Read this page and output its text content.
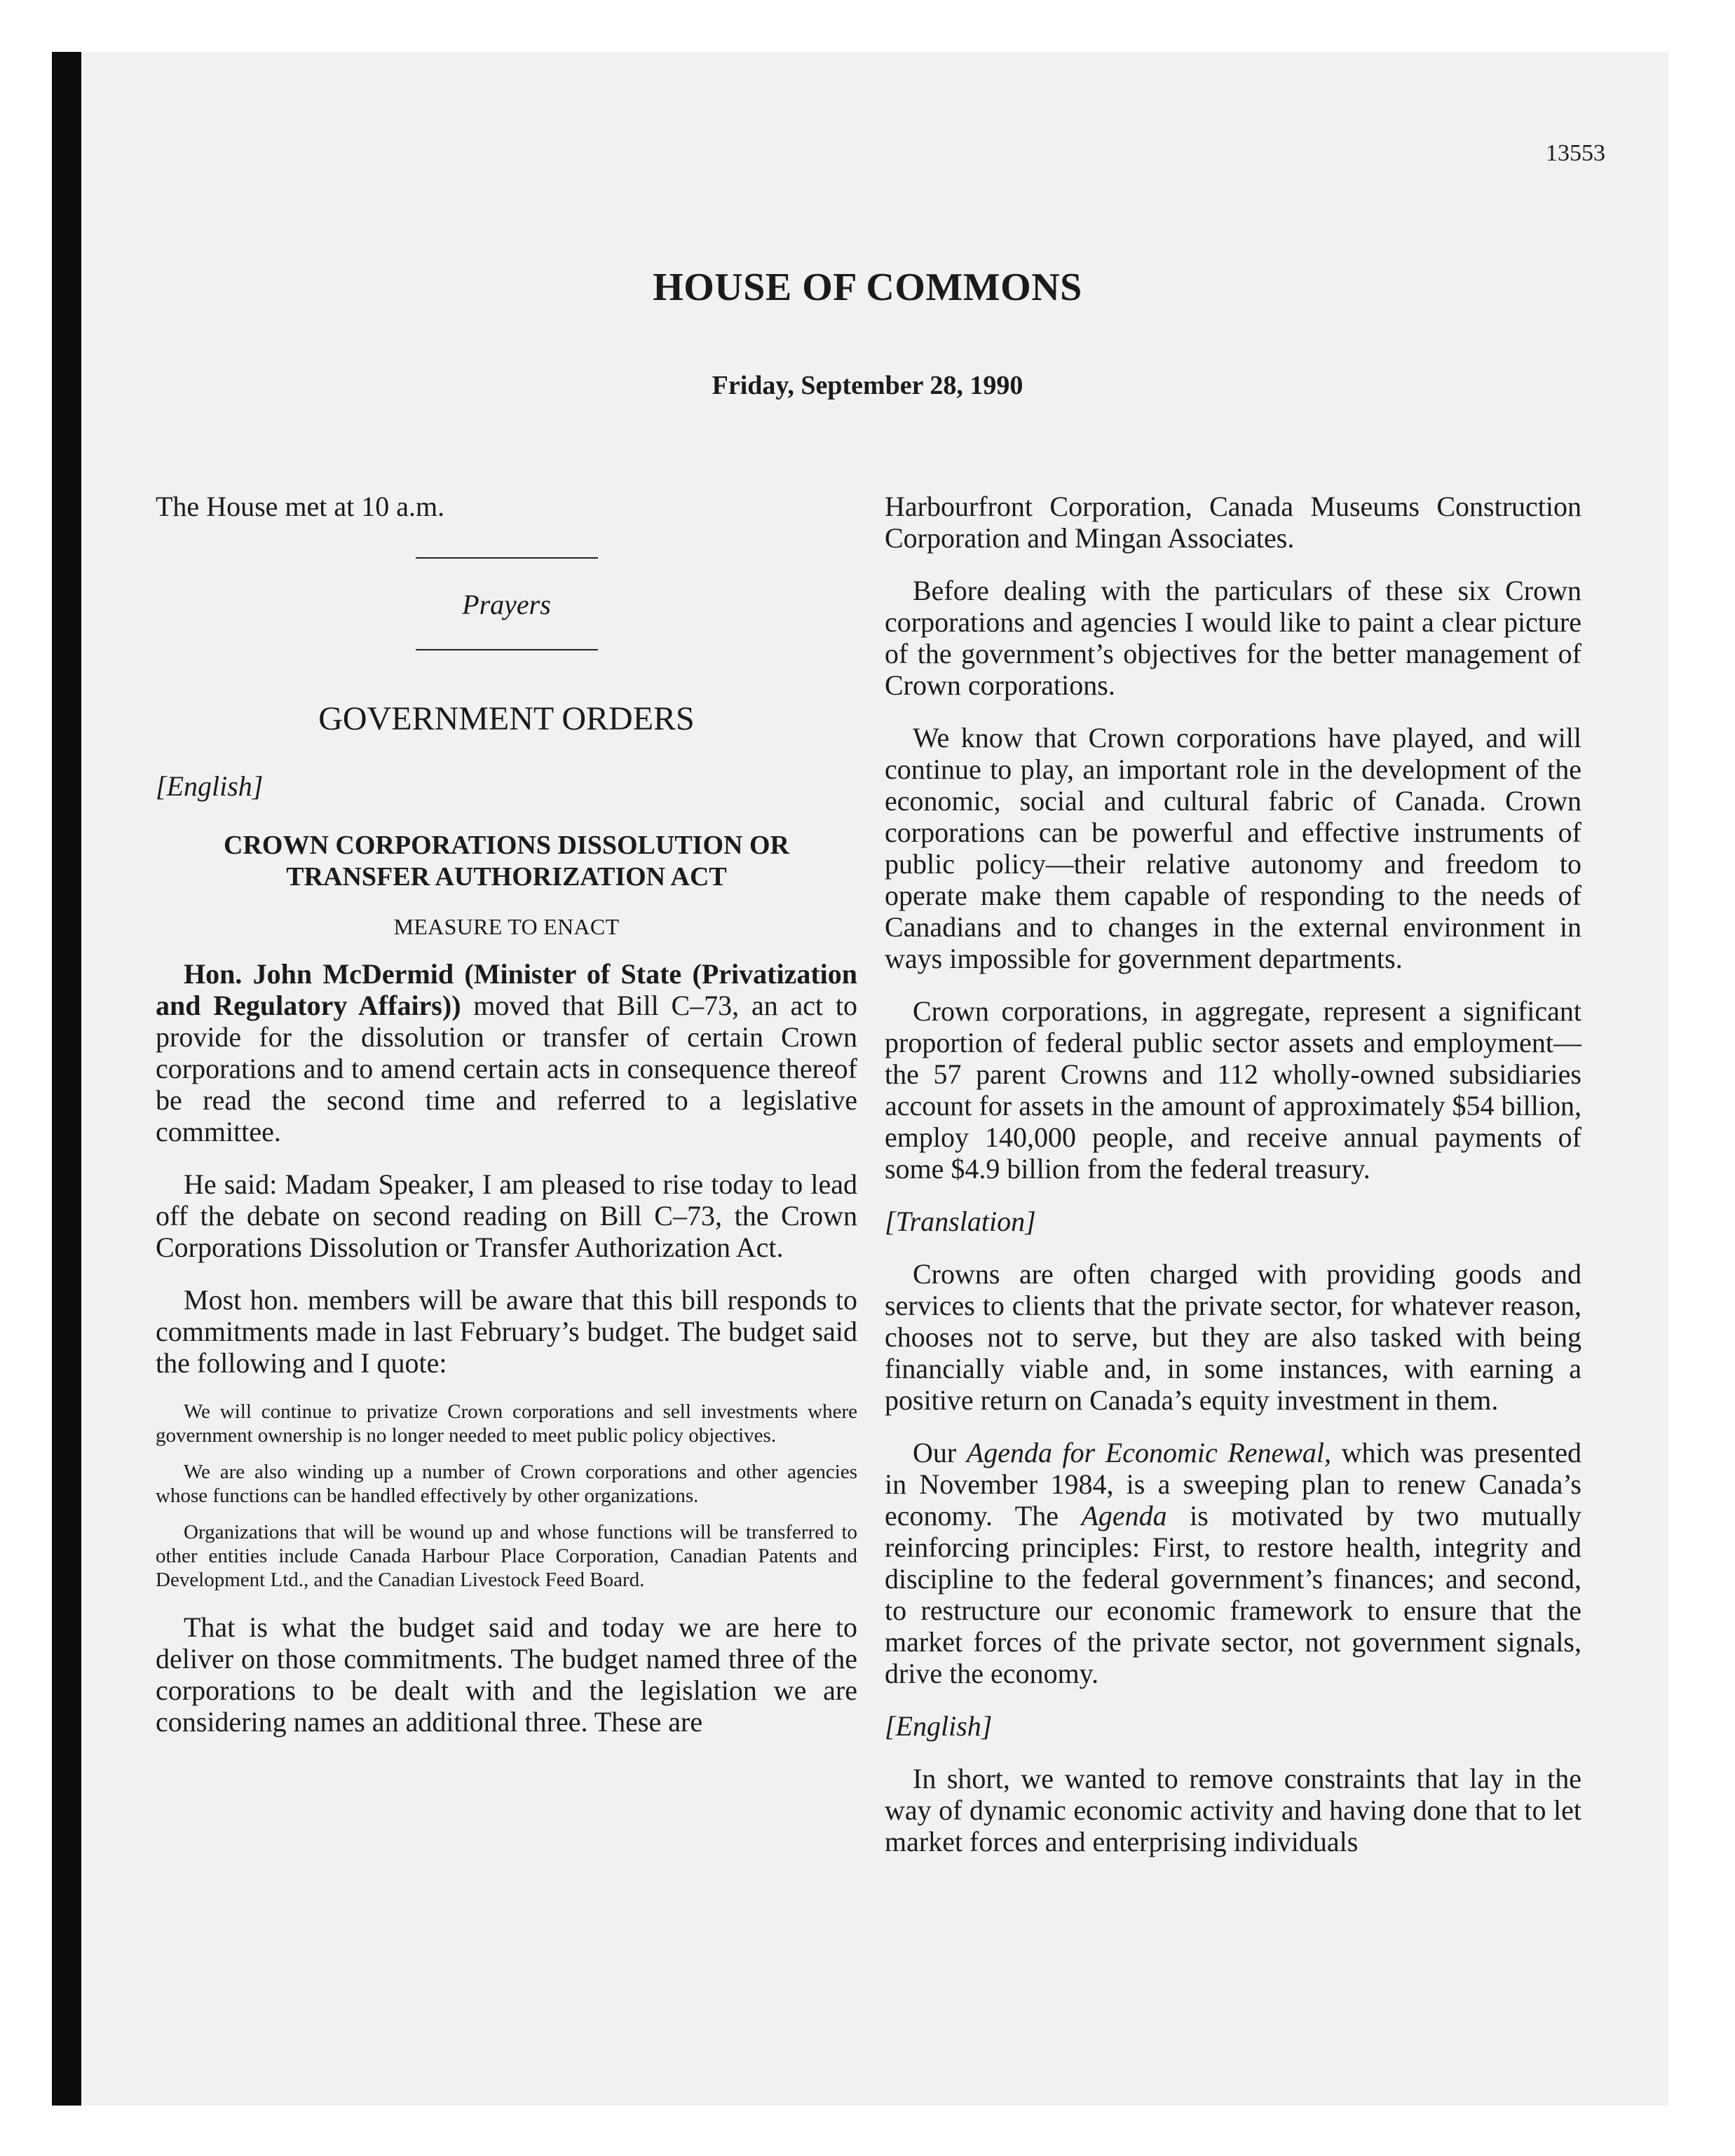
13553
HOUSE OF COMMONS
Friday, September 28, 1990
The House met at 10 a.m.
Prayers
GOVERNMENT ORDERS
[English]
CROWN CORPORATIONS DISSOLUTION OR
TRANSFER AUTHORIZATION ACT
MEASURE TO ENACT

Hon. John McDermid (Minister of State (Privatization and Regulatory Affairs)) moved that Bill C–73, an act to provide for the dissolution or transfer of certain Crown corporations and to amend certain acts in consequence thereof be read the second time and referred to a legislative committee.

He said: Madam Speaker, I am pleased to rise today to lead off the debate on second reading on Bill C–73, the Crown Corporations Dissolution or Transfer Authorization Act.

Most hon. members will be aware that this bill responds to commitments made in last February’s budget. The budget said the following and I quote:

We will continue to privatize Crown corporations and sell investments where government ownership is no longer needed to meet public policy objectives.

We are also winding up a number of Crown corporations and other agencies whose functions can be handled effectively by other organizations.

Organizations that will be wound up and whose functions will be transferred to other entities include Canada Harbour Place Corporation, Canadian Patents and Development Ltd., and the Canadian Livestock Feed Board.

That is what the budget said and today we are here to deliver on those commitments. The budget named three of the corporations to be dealt with and the legislation we are considering names an additional three. These are

Harbourfront Corporation, Canada Museums Construction Corporation and Mingan Associates.

Before dealing with the particulars of these six Crown corporations and agencies I would like to paint a clear picture of the government’s objectives for the better management of Crown corporations.

We know that Crown corporations have played, and will continue to play, an important role in the development of the economic, social and cultural fabric of Canada. Crown corporations can be powerful and effective instruments of public policy—their relative autonomy and freedom to operate make them capable of responding to the needs of Canadians and to changes in the external environment in ways impossible for government departments.

Crown corporations, in aggregate, represent a significant proportion of federal public sector assets and employment—the 57 parent Crowns and 112 wholly-owned subsidiaries account for assets in the amount of approximately $54 billion, employ 140,000 people, and receive annual payments of some $4.9 billion from the federal treasury.

[Translation]

Crowns are often charged with providing goods and services to clients that the private sector, for whatever reason, chooses not to serve, but they are also tasked with being financially viable and, in some instances, with earning a positive return on Canada’s equity investment in them.

Our Agenda for Economic Renewal, which was presented in November 1984, is a sweeping plan to renew Canada’s economy. The Agenda is motivated by two mutually reinforcing principles: First, to restore health, integrity and discipline to the federal government’s finances; and second, to restructure our economic framework to ensure that the market forces of the private sector, not government signals, drive the economy.

[English]

In short, we wanted to remove constraints that lay in the way of dynamic economic activity and having done that to let market forces and enterprising individuals
